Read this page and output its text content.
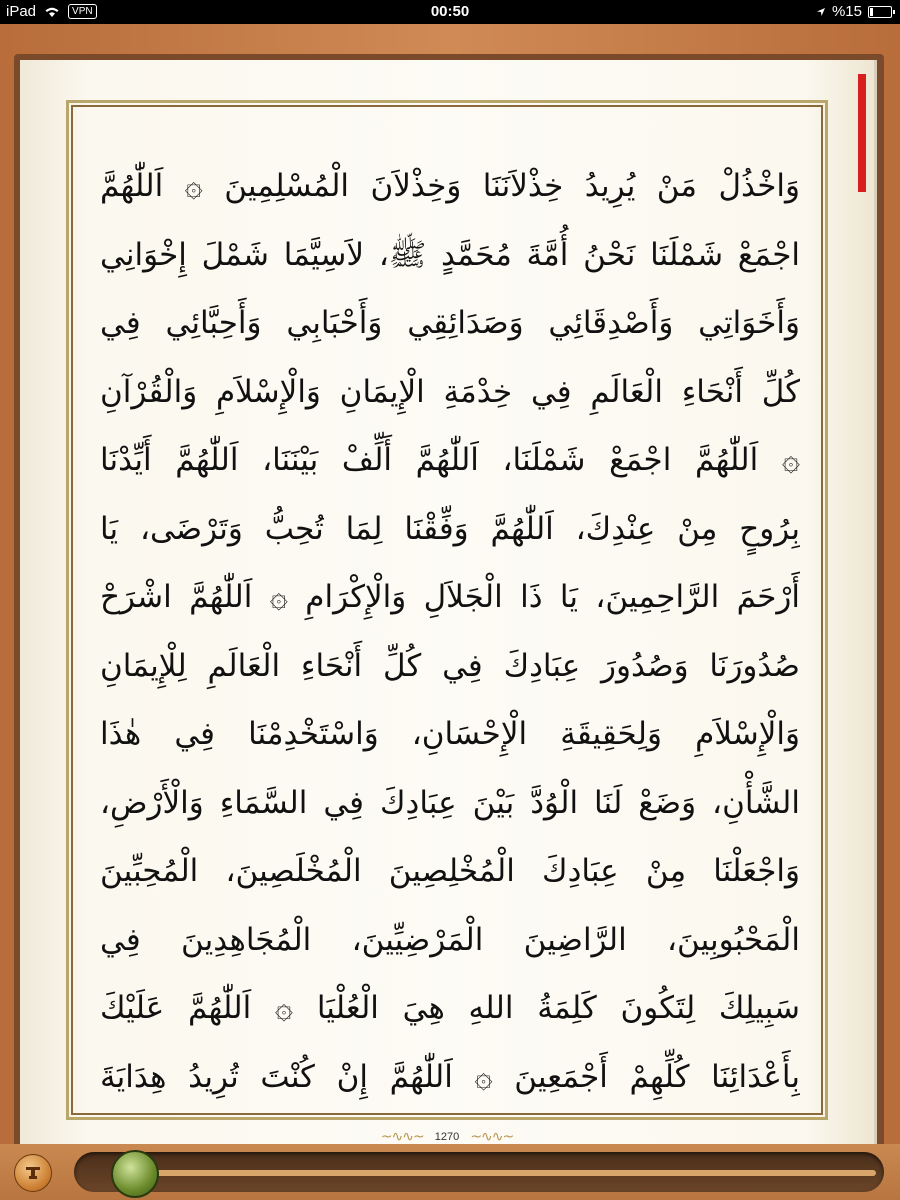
iPad	VPN	00:50	%15
وَاخْذُلْ مَنْ يُرِيدُ خِذْلاَنَنَا وَخِذْلاَنَ الْمُسْلِمِينَ ۞ اَللّٰهُمَّ
اجْمَعْ شَمْلَنَا نَحْنُ أُمَّةَ مُحَمَّدٍ ﷺ، لاَسِيَّمَا شَمْلَ إِخْوَانِي
وَأَخَوَاتِي وَأَصْدِقَائِي وَصَدَائِقِي وَأَحْبَابِي وَأَحِبَّائِي فِي
كُلِّ أَنْحَاءِ الْعَالَمِ فِي خِدْمَةِ الْإِيمَانِ وَالْإِسْلاَمِ وَالْقُرْآنِ
۞ اَللّٰهُمَّ اجْمَعْ شَمْلَنَا، اَللّٰهُمَّ أَلِّفْ بَيْنَنَا، اَللّٰهُمَّ أَيِّدْنَا
بِرُوحٍ مِنْ عِنْدِكَ، اَللّٰهُمَّ وَفِّقْنَا لِمَا تُحِبُّ وَتَرْضَى، يَا
أَرْحَمَ الرَّاحِمِينَ، يَا ذَا الْجَلاَلِ وَالْإِكْرَامِ ۞ اَللّٰهُمَّ اشْرَحْ
صُدُورَنَا وَصُدُورَ عِبَادِكَ فِي كُلِّ أَنْحَاءِ الْعَالَمِ لِلْإِيمَانِ
وَالْإِسْلاَمِ وَلِحَقِيقَةِ الْإِحْسَانِ، وَاسْتَخْدِمْنَا فِي هٰذَا
الشَّأْنِ، وَضَعْ لَنَا الْوُدَّ بَيْنَ عِبَادِكَ فِي السَّمَاءِ وَالْأَرْضِ،
وَاجْعَلْنَا مِنْ عِبَادِكَ الْمُخْلِصِينَ الْمُخْلَصِينَ، الْمُحِبِّينَ
الْمَحْبُوبِينَ، الرَّاضِينَ الْمَرْضِيِّينَ، الْمُجَاهِدِينَ فِي
سَبِيلِكَ لِتَكُونَ كَلِمَةُ اللهِ هِيَ الْعُلْيَا ۞ اَللّٰهُمَّ عَلَيْكَ
بِأَعْدَائِنَا كُلِّهِمْ أَجْمَعِينَ ۞ اَللّٰهُمَّ إِنْ كُنْتَ تُرِيدُ هِدَايَةَ
~∿∿~ 1270 ~∿∿~
